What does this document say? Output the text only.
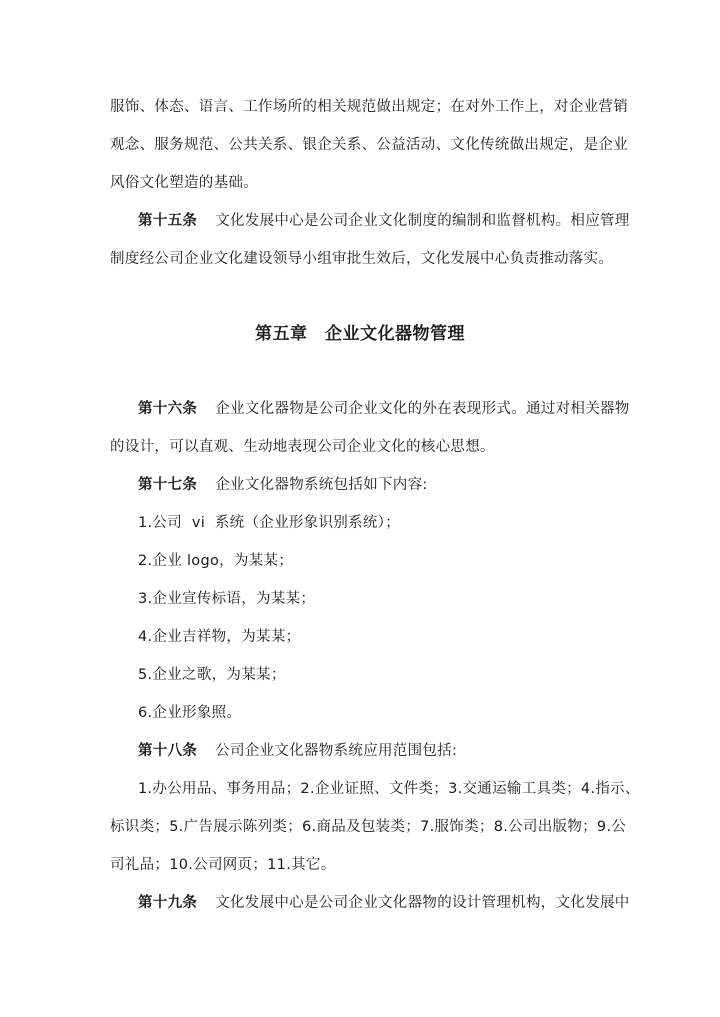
服饰、体态、语言、工作场所的相关规范做出规定；在对外工作上，对企业营销
观念、服务规范、公共关系、银企关系、公益活动、文化传统做出规定，是企业
风俗文化塑造的基础。
第十五条 文化发展中心是公司企业文化制度的编制和监督机构。相应管理
制度经公司企业文化建设领导小组审批生效后，文化发展中心负责推动落实。
第五章　企业文化器物管理
第十六条 企业文化器物是公司企业文化的外在表现形式。通过对相关器物
的设计，可以直观、生动地表现公司企业文化的核心思想。
第十七条 企业文化器物系统包括如下内容:
1.公司  vi  系统（企业形象识别系统）；
2.企业 logo，为某某；
3.企业宣传标语，为某某；
4.企业吉祥物，为某某；
5.企业之歌，为某某；
6.企业形象照。
第十八条 公司企业文化器物系统应用范围包括:
1.办公用品、事务用品；2.企业证照、文件类；3.交通运输工具类；4.指示、
标识类；5.广告展示陈列类；6.商品及包装类；7.服饰类；8.公司出版物；9.公
司礼品；10.公司网页；11.其它。
第十九条 文化发展中心是公司企业文化器物的设计管理机构，文化发展中
